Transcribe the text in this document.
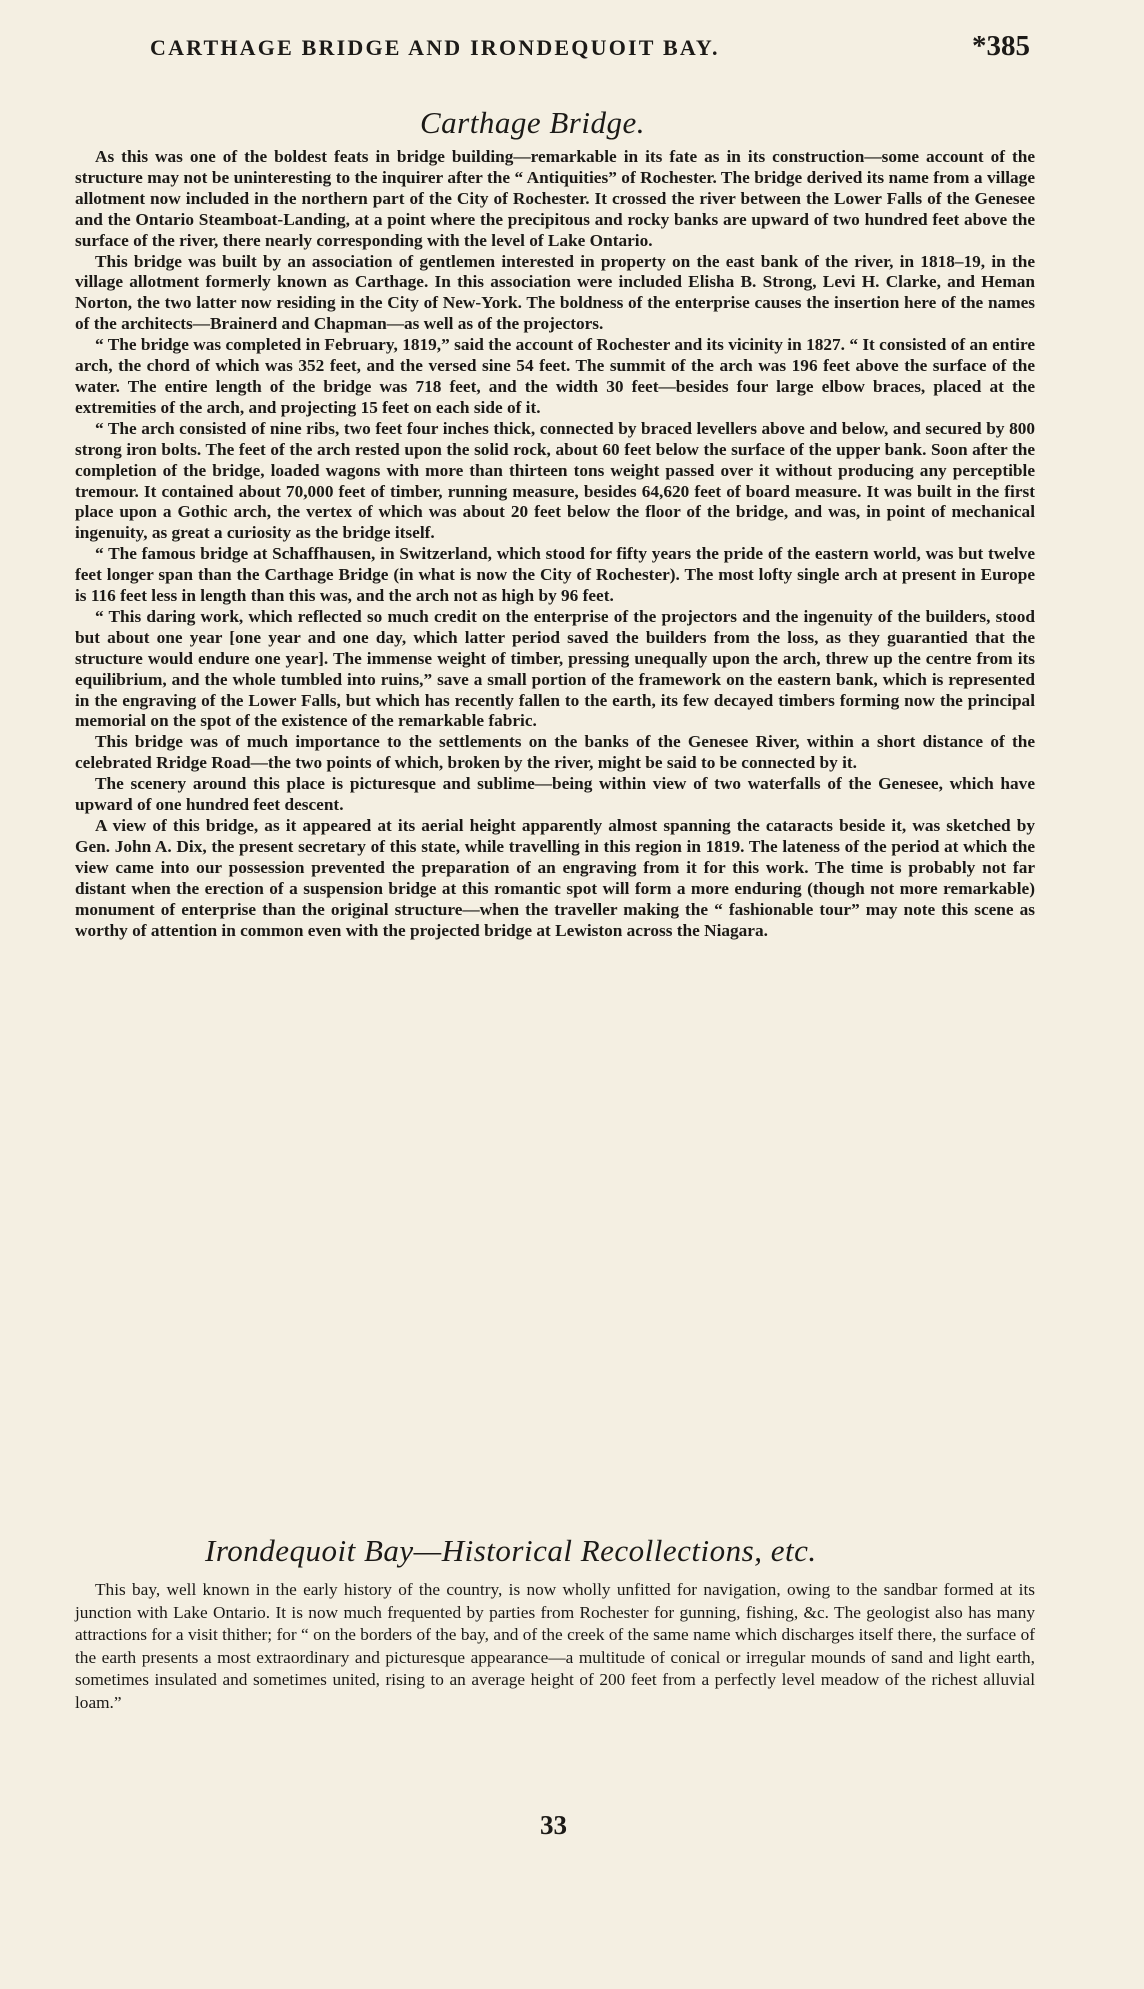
CARTHAGE BRIDGE AND IRONDEQUOIT BAY.	*385
Carthage Bridge.

As this was one of the boldest feats in bridge building—remarkable in its fate as in its construction—some account of the structure may not be uninteresting to the inquirer after the “ Antiquities” of Rochester. The bridge derived its name from a village allotment now included in the northern part of the City of Rochester. It crossed the river between the Lower Falls of the Genesee and the Ontario Steamboat-Landing, at a point where the precipitous and rocky banks are upward of two hundred feet above the surface of the river, there nearly corresponding with the level of Lake Ontario.

This bridge was built by an association of gentlemen interested in property on the east bank of the river, in 1818–19, in the village allotment formerly known as Carthage. In this association were included Elisha B. Strong, Levi H. Clarke, and Heman Norton, the two latter now residing in the City of New-York. The boldness of the enterprise causes the insertion here of the names of the architects—Brainerd and Chapman—as well as of the projectors.

“ The bridge was completed in February, 1819,” said the account of Rochester and its vicinity in 1827. “ It consisted of an entire arch, the chord of which was 352 feet, and the versed sine 54 feet. The summit of the arch was 196 feet above the surface of the water. The entire length of the bridge was 718 feet, and the width 30 feet—besides four large elbow braces, placed at the extremities of the arch, and projecting 15 feet on each side of it.

“ The arch consisted of nine ribs, two feet four inches thick, connected by braced levellers above and below, and secured by 800 strong iron bolts. The feet of the arch rested upon the solid rock, about 60 feet below the surface of the upper bank. Soon after the completion of the bridge, loaded wagons with more than thirteen tons weight passed over it without producing any perceptible tremour. It contained about 70,000 feet of timber, running measure, besides 64,620 feet of board measure. It was built in the first place upon a Gothic arch, the vertex of which was about 20 feet below the floor of the bridge, and was, in point of mechanical ingenuity, as great a curiosity as the bridge itself.

“ The famous bridge at Schaffhausen, in Switzerland, which stood for fifty years the pride of the eastern world, was but twelve feet longer span than the Carthage Bridge (in what is now the City of Rochester). The most lofty single arch at present in Europe is 116 feet less in length than this was, and the arch not as high by 96 feet.

“ This daring work, which reflected so much credit on the enterprise of the projectors and the ingenuity of the builders, stood but about one year [one year and one day, which latter period saved the builders from the loss, as they guarantied that the structure would endure one year]. The immense weight of timber, pressing unequally upon the arch, threw up the centre from its equilibrium, and the whole tumbled into ruins,” save a small portion of the framework on the eastern bank, which is represented in the engraving of the Lower Falls, but which has recently fallen to the earth, its few decayed timbers forming now the principal memorial on the spot of the existence of the remarkable fabric.

This bridge was of much importance to the settlements on the banks of the Genesee River, within a short distance of the celebrated Rridge Road—the two points of which, broken by the river, might be said to be connected by it.

The scenery around this place is picturesque and sublime—being within view of two waterfalls of the Genesee, which have upward of one hundred feet descent.

A view of this bridge, as it appeared at its aerial height apparently almost spanning the cataracts beside it, was sketched by Gen. John A. Dix, the present secretary of this state, while travelling in this region in 1819. The lateness of the period at which the view came into our possession prevented the preparation of an engraving from it for this work. The time is probably not far distant when the erection of a suspension bridge at this romantic spot will form a more enduring (though not more remarkable) monument of enterprise than the original structure—when the traveller making the “ fashionable tour” may note this scene as worthy of attention in common even with the projected bridge at Lewiston across the Niagara.

Irondequoit Bay—Historical Recollections, etc.

This bay, well known in the early history of the country, is now wholly unfitted for navigation, owing to the sandbar formed at its junction with Lake Ontario. It is now much frequented by parties from Rochester for gunning, fishing, &c. The geologist also has many attractions for a visit thither; for “ on the borders of the bay, and of the creek of the same name which discharges itself there, the surface of the earth presents a most extraordinary and picturesque appearance—a multitude of conical or irregular mounds of sand and light earth, sometimes insulated and sometimes united, rising to an average height of 200 feet from a perfectly level meadow of the richest alluvial loam.”

33
